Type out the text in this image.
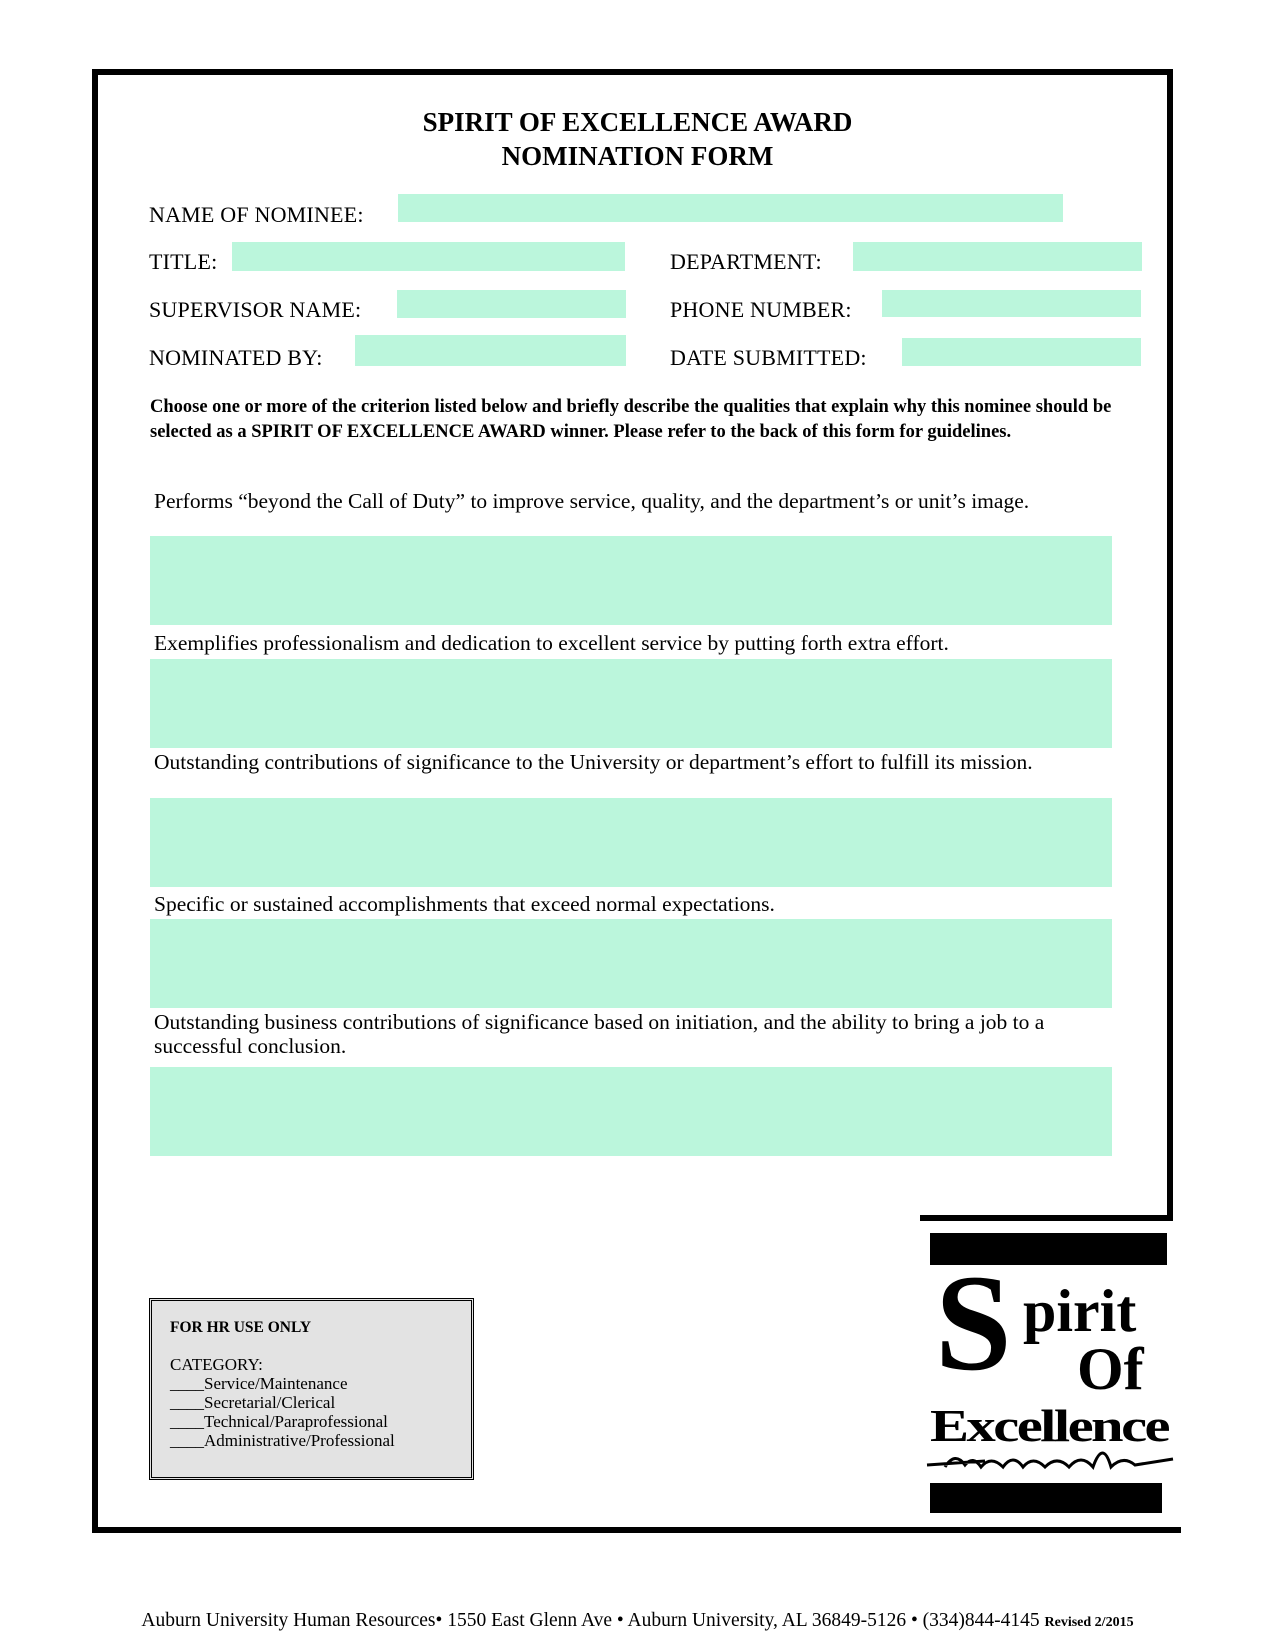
SPIRIT OF EXCELLENCE AWARD
NOMINATION FORM
NAME OF NOMINEE:
TITLE:	DEPARTMENT:
SUPERVISOR NAME:	PHONE NUMBER:
NOMINATED BY:	DATE SUBMITTED:
Choose one or more of the criterion listed below and briefly describe the qualities that explain why this nominee should be selected as a SPIRIT OF EXCELLENCE AWARD winner. Please refer to the back of this form for guidelines.
Performs “beyond the Call of Duty” to improve service, quality, and the department’s or unit’s image.
Exemplifies professionalism and dedication to excellent service by putting forth extra effort.
Outstanding contributions of significance to the University or department’s effort to fulfill its mission.
Specific or sustained accomplishments that exceed normal expectations.
Outstanding business contributions of significance based on initiation, and the ability to bring a job to a successful conclusion.
FOR HR USE ONLY
CATEGORY:
____Service/Maintenance
____Secretarial/Clerical
____Technical/Paraprofessional
____Administrative/Professional
S pirit
Of
Excellence
Auburn University Human Resources• 1550 East Glenn Ave • Auburn University, AL 36849-5126 • (334)844-4145 Revised 2/2015
